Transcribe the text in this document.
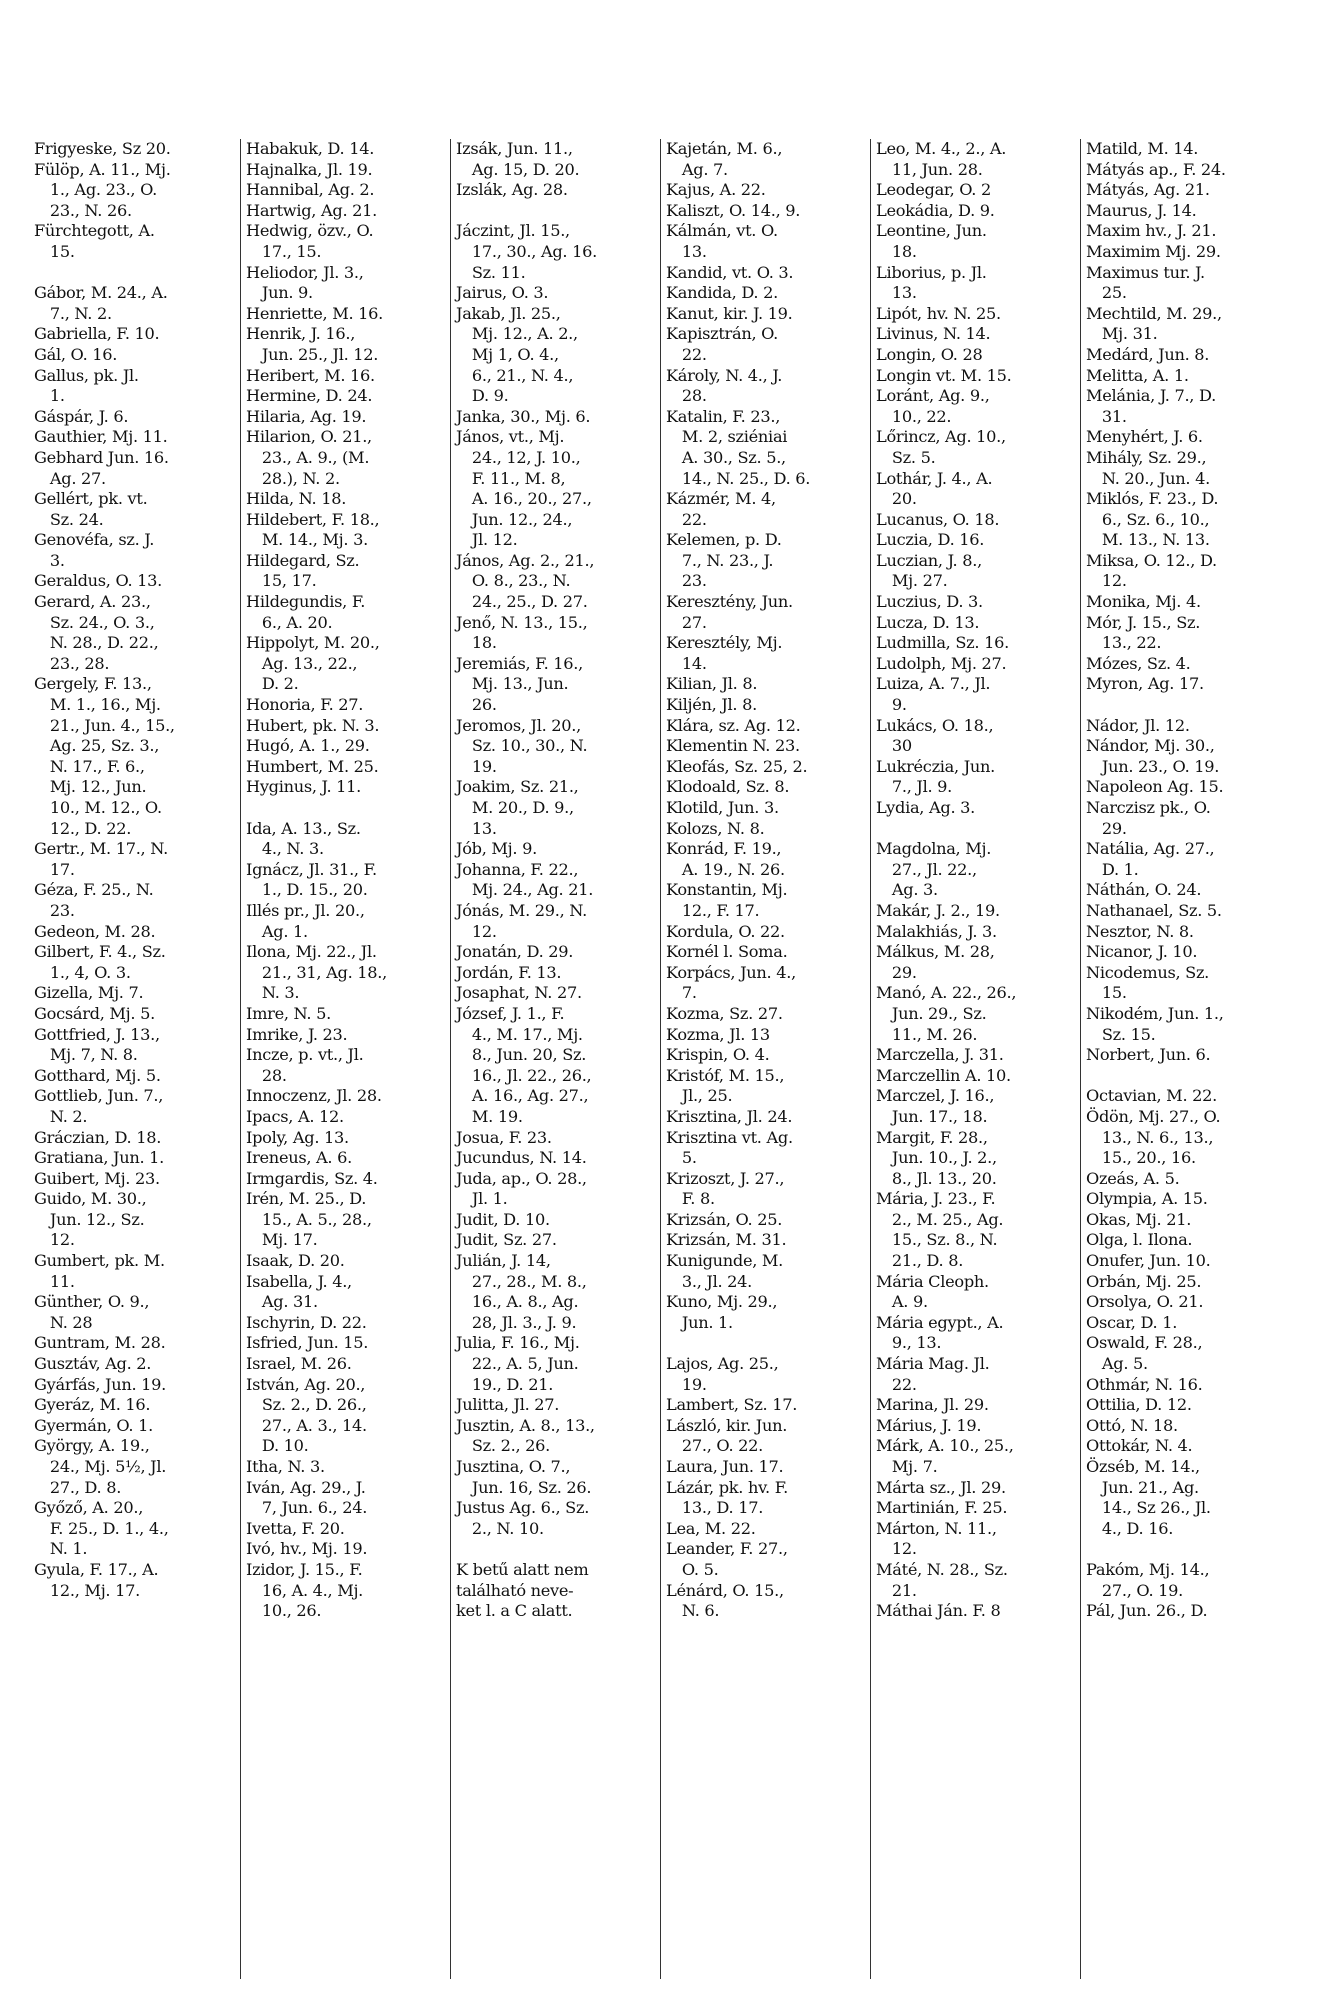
Frigyeske, Sz 20.
Fülöp, A. 11., Mj.
 1., Ag. 23., O.
 23., N. 26.
Fürchtegott, A.
 15.
Gábor, M. 24., A.
 7., N. 2.
Gabriella, F. 10.
Gál, O. 16.
Gallus, pk. Jl.
 1.
Gáspár, J. 6.
Gauthier, Mj. 11.
Gebhard Jun. 16.
 Ag. 27.
Gellért, pk. vt.
 Sz. 24.
Genovéfa, sz. J.
 3.
Geraldus, O. 13.
Gerard, A. 23.,
 Sz. 24., O. 3.,
 N. 28., D. 22.,
 23., 28.
Gergely, F. 13.,
 M. 1., 16., Mj.
 21., Jun. 4., 15.,
 Ag. 25, Sz. 3.,
 N. 17., F. 6.,
 Mj. 12., Jun.
 10., M. 12., O.
 12., D. 22.
Gertr., M. 17., N.
 17.
Géza, F. 25., N.
 23.
Gedeon, M. 28.
Gilbert, F. 4., Sz.
 1., 4, O. 3.
Gizella, Mj. 7.
Gocsárd, Mj. 5.
Gottfried, J. 13.,
 Mj. 7, N. 8.
Gotthard, Mj. 5.
Gottlieb, Jun. 7.,
 N. 2.
Gráczian, D. 18.
Gratiana, Jun. 1.
Guibert, Mj. 23.
Guido, M. 30.,
 Jun. 12., Sz.
 12.
Gumbert, pk. M.
 11.
Günther, O. 9.,
 N. 28
Guntram, M. 28.
Gusztáv, Ag. 2.
Gyárfás, Jun. 19.
Gyeráz, M. 16.
Gyermán, O. 1.
György, A. 19.,
 24., Mj. 5½, Jl.
 27., D. 8.
Győző, A. 20.,
 F. 25., D. 1., 4.,
 N. 1.
Gyula, F. 17., A.
 12., Mj. 17.
Habakuk, D. 14.
Hajnalka, Jl. 19.
Hannibal, Ag. 2.
Hartwig, Ag. 21.
Hedwig, özv., O.
 17., 15.
Heliodor, Jl. 3.,
 Jun. 9.
Henriette, M. 16.
Henrik, J. 16.,
 Jun. 25., Jl. 12.
Heribert, M. 16.
Hermine, D. 24.
Hilaria, Ag. 19.
Hilarion, O. 21.,
 23., A. 9., (M.
 28.), N. 2.
Hilda, N. 18.
Hildebert, F. 18.,
 M. 14., Mj. 3.
Hildegard, Sz.
 15, 17.
Hildegundis, F.
 6., A. 20.
Hippolyt, M. 20.,
 Ag. 13., 22.,
 D. 2.
Honoria, F. 27.
Hubert, pk. N. 3.
Hugó, A. 1., 29.
Humbert, M. 25.
Hyginus, J. 11.
Ida, A. 13., Sz.
 4., N. 3.
Ignácz, Jl. 31., F.
 1., D. 15., 20.
Illés pr., Jl. 20.,
 Ag. 1.
Ilona, Mj. 22., Jl.
 21., 31, Ag. 18.,
 N. 3.
Imre, N. 5.
Imrike, J. 23.
Incze, p. vt., Jl.
 28.
Innoczenz, Jl. 28.
Ipacs, A. 12.
Ipoly, Ag. 13.
Ireneus, A. 6.
Irmgardis, Sz. 4.
Irén, M. 25., D.
 15., A. 5., 28.,
 Mj. 17.
Isaak, D. 20.
Isabella, J. 4.,
 Ag. 31.
Ischyrin, D. 22.
Isfried, Jun. 15.
Israel, M. 26.
István, Ag. 20.,
 Sz. 2., D. 26.,
 27., A. 3., 14.
 D. 10.
Itha, N. 3.
Iván, Ag. 29., J.
 7, Jun. 6., 24.
Ivetta, F. 20.
Ivó, hv., Mj. 19.
Izidor, J. 15., F.
 16, A. 4., Mj.
 10., 26.
Izsák, Jun. 11.,
 Ag. 15, D. 20.
Izslák, Ag. 28.
Jáczint, Jl. 15.,
 17., 30., Ag. 16.
 Sz. 11.
Jairus, O. 3.
Jakab, Jl. 25.,
 Mj. 12., A. 2.,
 Mj 1, O. 4.,
 6., 21., N. 4.,
 D. 9.
Janka, 30., Mj. 6.
János, vt., Mj.
 24., 12, J. 10.,
 F. 11., M. 8,
 A. 16., 20., 27.,
 Jun. 12., 24.,
 Jl. 12.
János, Ag. 2., 21.,
 O. 8., 23., N.
 24., 25., D. 27.
Jenő, N. 13., 15.,
 18.
Jeremiás, F. 16.,
 Mj. 13., Jun.
 26.
Jeromos, Jl. 20.,
 Sz. 10., 30., N.
 19.
Joakim, Sz. 21.,
 M. 20., D. 9.,
 13.
Jób, Mj. 9.
Johanna, F. 22.,
 Mj. 24., Ag. 21.
Jónás, M. 29., N.
 12.
Jonatán, D. 29.
Jordán, F. 13.
Josaphat, N. 27.
József, J. 1., F.
 4., M. 17., Mj.
 8., Jun. 20, Sz.
 16., Jl. 22., 26.,
 A. 16., Ag. 27.,
 M. 19.
Josua, F. 23.
Jucundus, N. 14.
Juda, ap., O. 28.,
 Jl. 1.
Judit, D. 10.
Judit, Sz. 27.
Julián, J. 14,
 27., 28., M. 8.,
 16., A. 8., Ag.
 28, Jl. 3., J. 9.
Julia, F. 16., Mj.
 22., A. 5, Jun.
 19., D. 21.
Julitta, Jl. 27.
Jusztin, A. 8., 13.,
 Sz. 2., 26.
Jusztina, O. 7.,
 Jun. 16, Sz. 26.
Justus Ag. 6., Sz.
 2., N. 10.
K betű alatt nem
található neve-
ket l. a C alatt.
Kajetán, M. 6.,
 Ag. 7.
Kajus, A. 22.
Kaliszt, O. 14., 9.
Kálmán, vt. O.
 13.
Kandid, vt. O. 3.
Kandida, D. 2.
Kanut, kir. J. 19.
Kapisztrán, O.
 22.
Károly, N. 4., J.
 28.
Katalin, F. 23.,
 M. 2, sziéniai
 A. 30., Sz. 5.,
 14., N. 25., D. 6.
Kázmér, M. 4,
 22.
Kelemen, p. D.
 7., N. 23., J.
 23.
Keresztény, Jun.
 27.
Keresztély, Mj.
 14.
Kilian, Jl. 8.
Kiljén, Jl. 8.
Klára, sz. Ag. 12.
Klementin N. 23.
Kleofás, Sz. 25, 2.
Klodoald, Sz. 8.
Klotild, Jun. 3.
Kolozs, N. 8.
Konrád, F. 19.,
 A. 19., N. 26.
Konstantin, Mj.
 12., F. 17.
Kordula, O. 22.
Kornél l. Soma.
Korpács, Jun. 4.,
 7.
Kozma, Sz. 27.
Kozma, Jl. 13
Krispin, O. 4.
Kristóf, M. 15.,
 Jl., 25.
Krisztina, Jl. 24.
Krisztina vt. Ag.
 5.
Krizoszt, J. 27.,
 F. 8.
Krizsán, O. 25.
Krizsán, M. 31.
Kunigunde, M.
 3., Jl. 24.
Kuno, Mj. 29.,
 Jun. 1.
Lajos, Ag. 25.,
 19.
Lambert, Sz. 17.
László, kir. Jun.
 27., O. 22.
Laura, Jun. 17.
Lázár, pk. hv. F.
 13., D. 17.
Lea, M. 22.
Leander, F. 27.,
 O. 5.
Lénárd, O. 15.,
 N. 6.
Leo, M. 4., 2., A.
 11, Jun. 28.
Leodegar, O. 2
Leokádia, D. 9.
Leontine, Jun.
 18.
Liborius, p. Jl.
 13.
Lipót, hv. N. 25.
Livinus, N. 14.
Longin, O. 28
Longin vt. M. 15.
Loránt, Ag. 9.,
 10., 22.
Lőrincz, Ag. 10.,
 Sz. 5.
Lothár, J. 4., A.
 20.
Lucanus, O. 18.
Luczia, D. 16.
Luczian, J. 8.,
 Mj. 27.
Luczius, D. 3.
Lucza, D. 13.
Ludmilla, Sz. 16.
Ludolph, Mj. 27.
Luiza, A. 7., Jl.
 9.
Lukács, O. 18.,
 30
Lukréczia, Jun.
 7., Jl. 9.
Lydia, Ag. 3.
Magdolna, Mj.
 27., Jl. 22.,
 Ag. 3.
Makár, J. 2., 19.
Malakhiás, J. 3.
Málkus, M. 28,
 29.
Manó, A. 22., 26.,
 Jun. 29., Sz.
 11., M. 26.
Marczella, J. 31.
Marczellin A. 10.
Marczel, J. 16.,
 Jun. 17., 18.
Margit, F. 28.,
 Jun. 10., J. 2.,
 8., Jl. 13., 20.
Mária, J. 23., F.
 2., M. 25., Ag.
 15., Sz. 8., N.
 21., D. 8.
Mária Cleoph.
 A. 9.
Mária egypt., A.
 9., 13.
Mária Mag. Jl.
 22.
Marina, Jl. 29.
Márius, J. 19.
Márk, A. 10., 25.,
 Mj. 7.
Márta sz., Jl. 29.
Martinián, F. 25.
Márton, N. 11.,
 12.
Máté, N. 28., Sz.
 21.
Máthai Ján. F. 8
Matild, M. 14.
Mátyás ap., F. 24.
Mátyás, Ag. 21.
Maurus, J. 14.
Maxim hv., J. 21.
Maximim Mj. 29.
Maximus tur. J.
 25.
Mechtild, M. 29.,
 Mj. 31.
Medárd, Jun. 8.
Melitta, A. 1.
Melánia, J. 7., D.
 31.
Menyhért, J. 6.
Mihály, Sz. 29.,
 N. 20., Jun. 4.
Miklós, F. 23., D.
 6., Sz. 6., 10.,
 M. 13., N. 13.
Miksa, O. 12., D.
 12.
Monika, Mj. 4.
Mór, J. 15., Sz.
 13., 22.
Mózes, Sz. 4.
Myron, Ag. 17.
Nádor, Jl. 12.
Nándor, Mj. 30.,
 Jun. 23., O. 19.
Napoleon Ag. 15.
Narczisz pk., O.
 29.
Natália, Ag. 27.,
 D. 1.
Náthán, O. 24.
Nathanael, Sz. 5.
Nesztor, N. 8.
Nicanor, J. 10.
Nicodemus, Sz.
 15.
Nikodém, Jun. 1.,
 Sz. 15.
Norbert, Jun. 6.
Octavian, M. 22.
Ödön, Mj. 27., O.
 13., N. 6., 13.,
 15., 20., 16.
Ozeás, A. 5.
Olympia, A. 15.
Okas, Mj. 21.
Olga, l. Ilona.
Onufer, Jun. 10.
Orbán, Mj. 25.
Orsolya, O. 21.
Oscar, D. 1.
Oswald, F. 28.,
 Ag. 5.
Othmár, N. 16.
Ottilia, D. 12.
Ottó, N. 18.
Ottokár, N. 4.
Özséb, M. 14.,
 Jun. 21., Ag.
 14., Sz 26., Jl.
 4., D. 16.
Pakóm, Mj. 14.,
 27., O. 19.
Pál, Jun. 26., D.
